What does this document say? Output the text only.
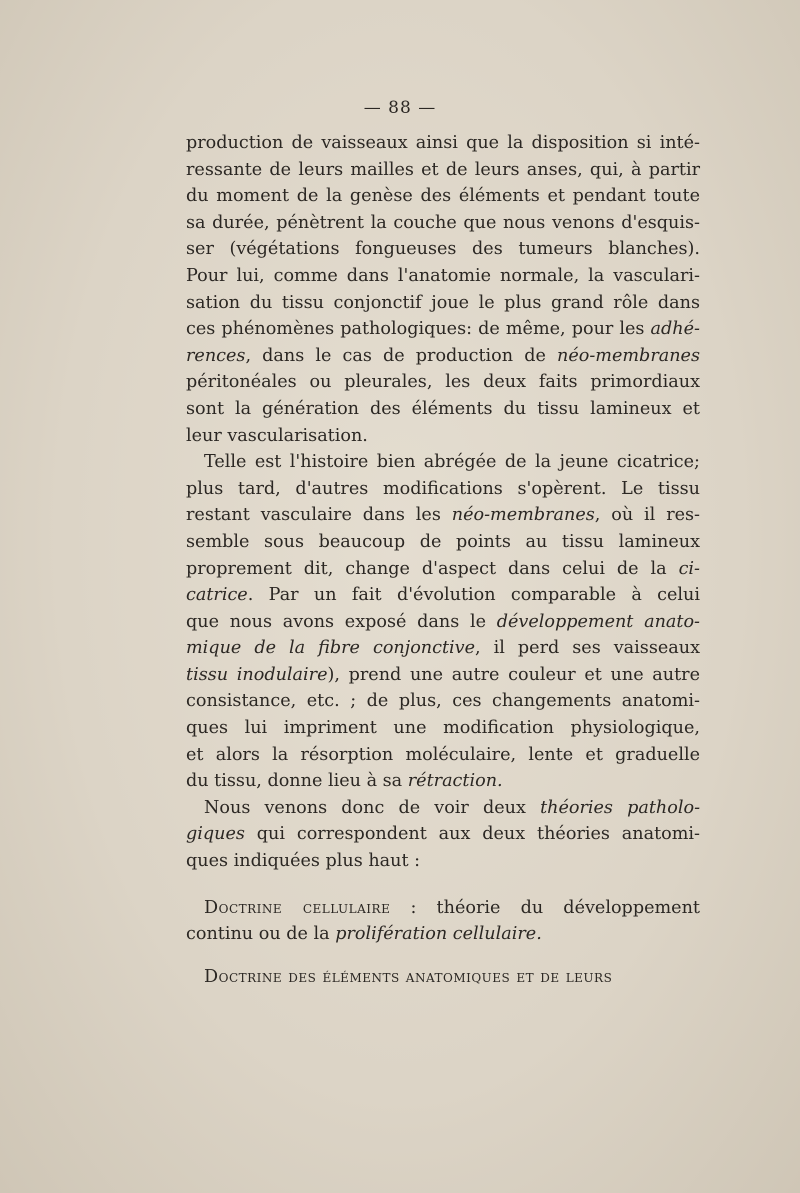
— 88 —
production de vaisseaux ainsi que la disposition si inté-
ressante de leurs mailles et de leurs anses, qui, à partir
du moment de la genèse des éléments et pendant toute
sa durée, pénètrent la couche que nous venons d'esquis-
ser (végétations fongueuses des tumeurs blanches).
Pour lui, comme dans l'anatomie normale, la vasculari-
sation du tissu conjonctif joue le plus grand rôle dans
ces phénomènes pathologiques: de même, pour les adhé-
rences, dans le cas de production de néo-membranes
péritonéales ou pleurales, les deux faits primordiaux
sont la génération des éléments du tissu lamineux et
leur vascularisation.
Telle est l'histoire bien abrégée de la jeune cicatrice;
plus tard, d'autres modifications s'opèrent. Le tissu
restant vasculaire dans les néo-membranes, où il res-
semble sous beaucoup de points au tissu lamineux
proprement dit, change d'aspect dans celui de la ci-
catrice. Par un fait d'évolution comparable à celui
que nous avons exposé dans le développement anato-
mique de la fibre conjonctive, il perd ses vaisseaux
tissu inodulaire), prend une autre couleur et une autre
consistance, etc. ; de plus, ces changements anatomi-
ques lui impriment une modification physiologique,
et alors la résorption moléculaire, lente et graduelle
du tissu, donne lieu à sa rétraction.
Nous venons donc de voir deux théories patholo-
giques qui correspondent aux deux théories anatomi-
ques indiquées plus haut :
Doctrine cellulaire : théorie du développement
continu ou de la prolifération cellulaire.
Doctrine des éléments anatomiques et de leurs
